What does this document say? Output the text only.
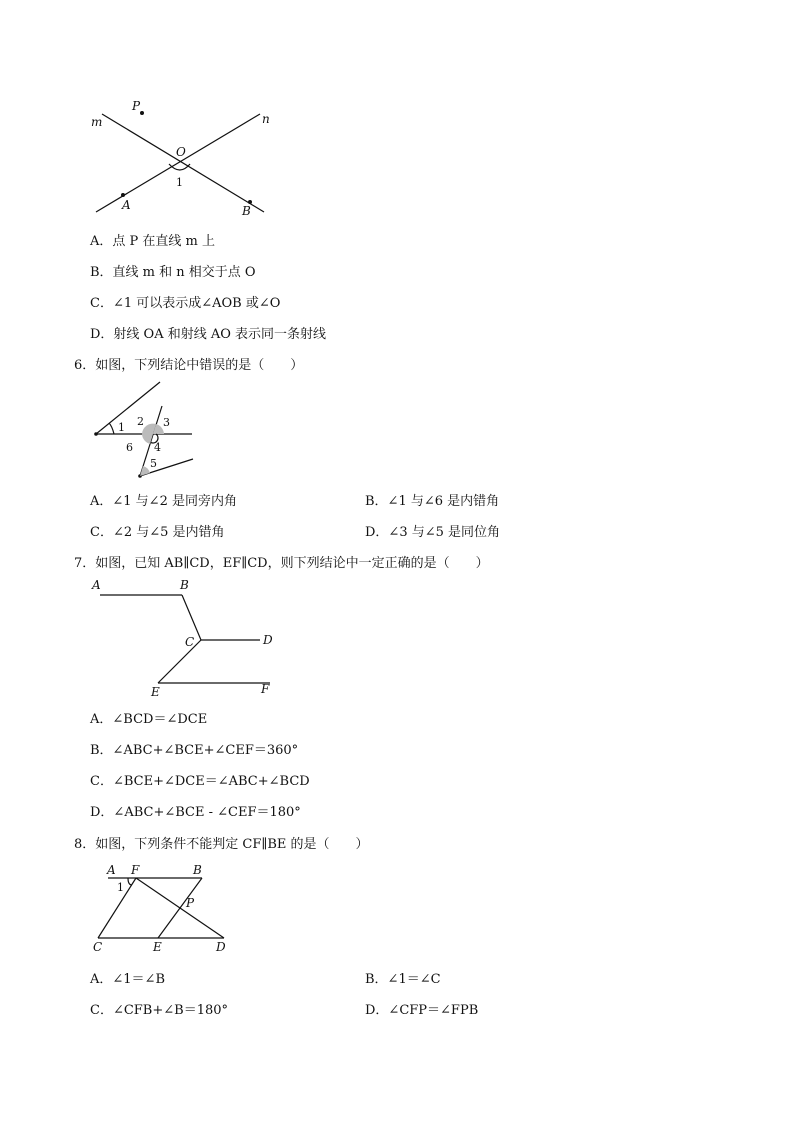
m	n
P
O
1
A	B
A．点 P 在直线 m 上
B．直线 m 和 n 相交于点 O
C．∠1 可以表示成∠AOB 或∠O
D．射线 OA 和射线 AO 表示同一条射线
6．如图，下列结论中错误的是（　　）
1 2 3
4
5
6
A．∠1 与∠2 是同旁内角	B．∠1 与∠6 是内错角
C．∠2 与∠5 是内错角	D．∠3 与∠5 是同位角
7．如图，已知 AB∥CD，EF∥CD，则下列结论中一定正确的是（　　）
A	B
C	D
E	F
A．∠BCD＝∠DCE
B．∠ABC+∠BCE+∠CEF＝360°
C．∠BCE+∠DCE＝∠ABC+∠BCD
D．∠ABC+∠BCE - ∠CEF＝180°
8．如图，下列条件不能判定 CF∥BE 的是（　　）
A F	B
1
P
C	E	D
A．∠1＝∠B	B．∠1＝∠C
C．∠CFB+∠B＝180°	D．∠CFP＝∠FPB
